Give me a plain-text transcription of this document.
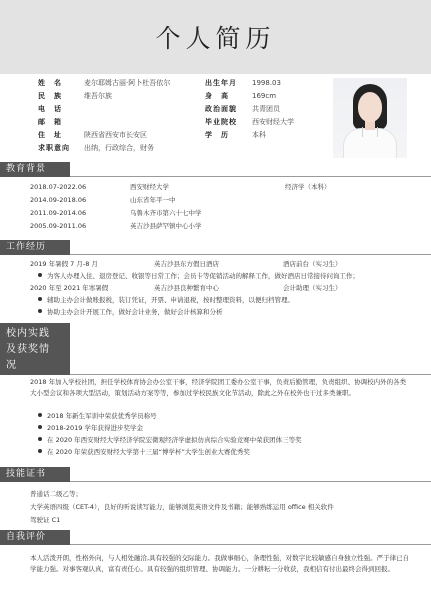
个人简历
姓　名	麦尔耶姆古丽·阿卜杜吾依尔	出生年月 1998.03
民　族	维吾尔族	身　高	169cm
电　话	政治面貌 共青团员
邮　箱	毕业院校 西安财经大学
住　址	陕西省西安市长安区	学　历	本科
求职意向 出纳，行政综合，财务
教育背景
2018.07-2022.06	西安财经大学	经济学（本科）
2014.09-2018.06	山东省年平一中
2011.09-2014.06	乌鲁木齐市第六十七中学
2005.09-2011.06	英吉沙县萨罕镇中心小学
工作经历
2019 年暑假 7 月-8 月	英吉沙县东方假日酒店	酒店前台（实习生）
为客人办理入住、退房登记、收银等日常工作；会员卡等促销活动的解释工作，做好酒店日常接待问询工作；
2020 年至 2021 年寒暑假	英吉沙县良种繁育中心	会计助理（实习生）
辅助主办会计做账报税，装订凭证，开票、申请退税，按时整理资料，以便归档管理。
协助主办会计开展工作，做好会计业务，做好会计核算和分析
校内实践
及获奖情
况
2018 年加入学校社团，担任学校体育协会办公室干事，经济学院团工委办公室干事，负责后勤管理，负责组织、协调校内外的各类大小型会议和各项大型活动，策划活动方案等等，参加过学校民族文化节活动，除此之外在校外也干过多类兼职。
2018 年新生军训中荣获优秀学员称号
2018-2019 学年获得进步奖学金
在 2020 年西安财经大学经济学院宏微观经济学虚拟仿真综合实验竞赛中荣获团体三等奖
在 2020 年荣获西安财经大学第十三届“博学杯”大学生创业大赛优秀奖
技能证书
普通话二级乙等；
大学英语四级（CET-4），良好的听说读写能力，能够浏览英语文件及书籍；能够熟练运用 office 相关软件
驾驶证 C1
自我评价
本人活泼开朗，性格外向，与人相处融洽,具有较强的交际能力。我做事细心，条理性强，对数字比较敏感自身独立性强。严于律已自学能力强。对事客观认真，富有责任心。具有较强的组织管理、协调能力。一分耕耘一分收获，我相信有付出最终会得到回报。
